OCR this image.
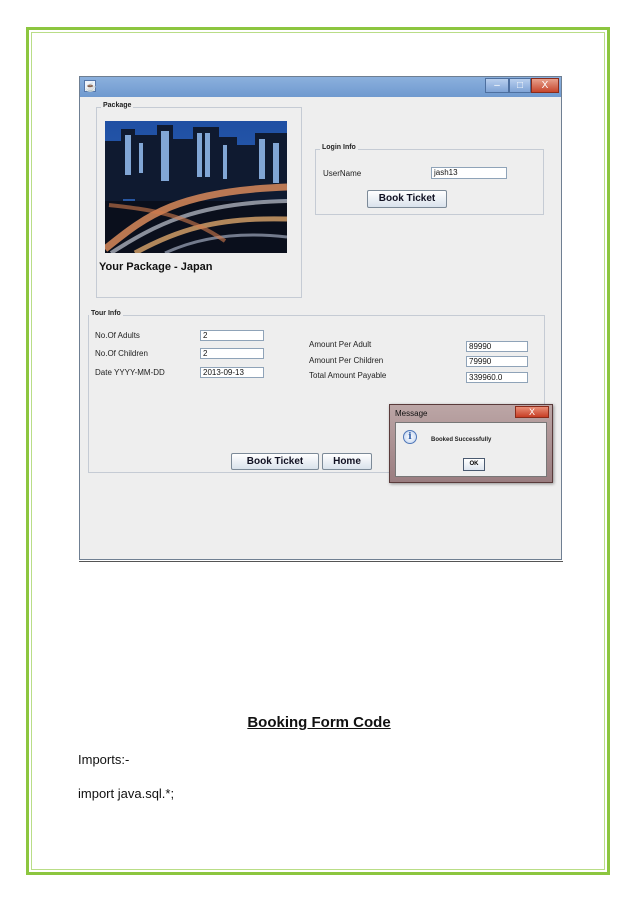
☕	–	□	X
Package
Your Package - Japan
Login Info
UserName	jash13
Book Ticket
Tour Info
No.Of Adults	2
No.Of Children	2
Date YYYY-MM-DD	2013-09-13
Amount Per Adult	89990
Amount Per Children	79990
Total Amount Payable	339960.0
Book Ticket	Home
Message	X
i	Booked Successfully
OK
Booking Form Code
Imports:-
import java.sql.*;
